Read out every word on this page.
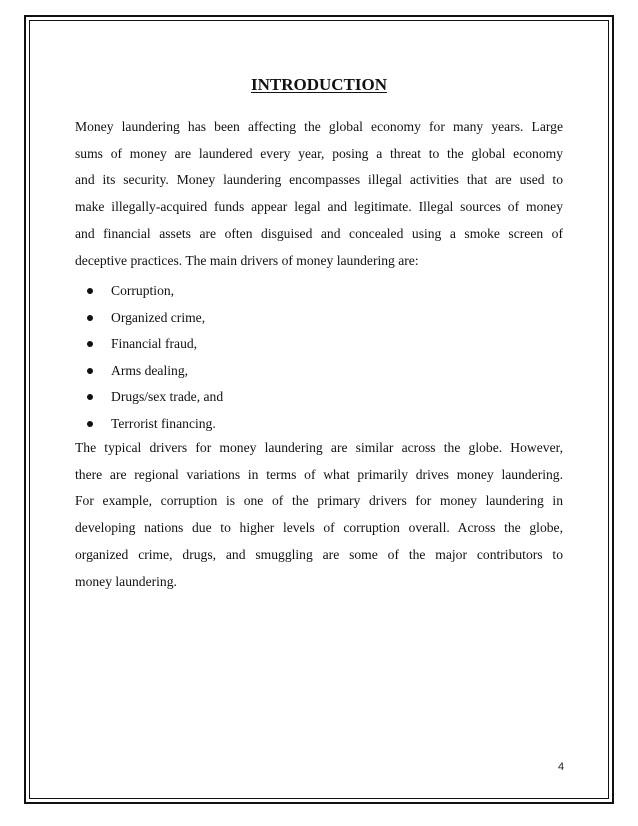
INTRODUCTION

Money laundering has been affecting the global economy for many years. Large
sums of money are laundered every year, posing a threat to the global economy
and its security. Money laundering encompasses illegal activities that are used to
make illegally-acquired funds appear legal and legitimate. Illegal sources of money
and financial assets are often disguised and concealed using a smoke screen of
deceptive practices. The main drivers of money laundering are:

Corruption,
Organized crime,
Financial fraud,
Arms dealing,
Drugs/sex trade, and
Terrorist financing.

The typical drivers for money laundering are similar across the globe. However,
there are regional variations in terms of what primarily drives money laundering.
For example, corruption is one of the primary drivers for money laundering in
developing nations due to higher levels of corruption overall. Across the globe,
organized crime, drugs, and smuggling are some of the major contributors to
money laundering.

4
